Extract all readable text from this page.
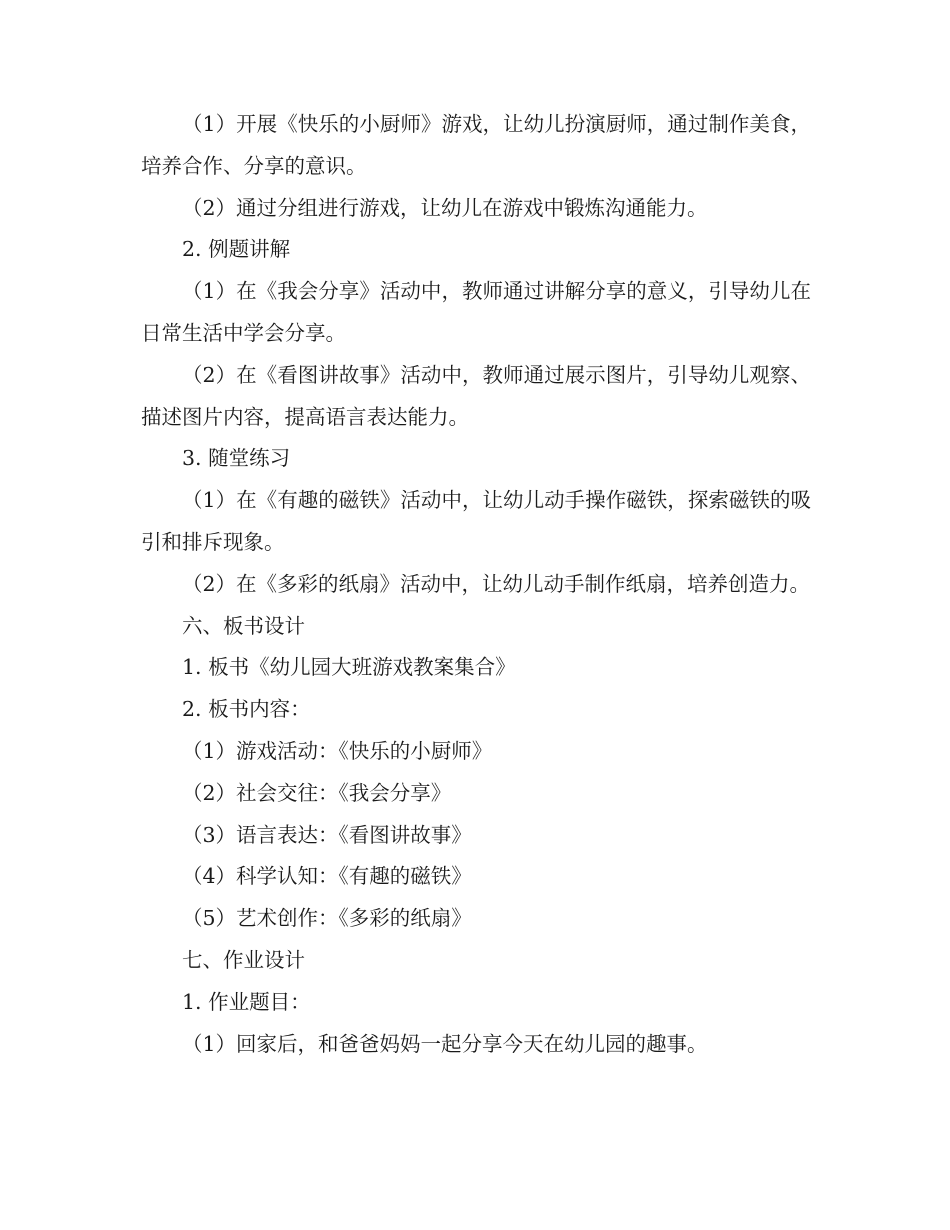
（1）开展《快乐的小厨师》游戏，让幼儿扮演厨师，通过制作美食，培养合作、分享的意识。

（2）通过分组进行游戏，让幼儿在游戏中锻炼沟通能力。

2. 例题讲解

（1）在《我会分享》活动中，教师通过讲解分享的意义，引导幼儿在日常生活中学会分享。

（2）在《看图讲故事》活动中，教师通过展示图片，引导幼儿观察、描述图片内容，提高语言表达能力。

3. 随堂练习

（1）在《有趣的磁铁》活动中，让幼儿动手操作磁铁，探索磁铁的吸引和排斥现象。

（2）在《多彩的纸扇》活动中，让幼儿动手制作纸扇，培养创造力。

六、板书设计

1. 板书《幼儿园大班游戏教案集合》

2. 板书内容：

（1）游戏活动：《快乐的小厨师》

（2）社会交往：《我会分享》

（3）语言表达：《看图讲故事》

（4）科学认知：《有趣的磁铁》

（5）艺术创作：《多彩的纸扇》

七、作业设计

1. 作业题目：

（1）回家后，和爸爸妈妈一起分享今天在幼儿园的趣事。
